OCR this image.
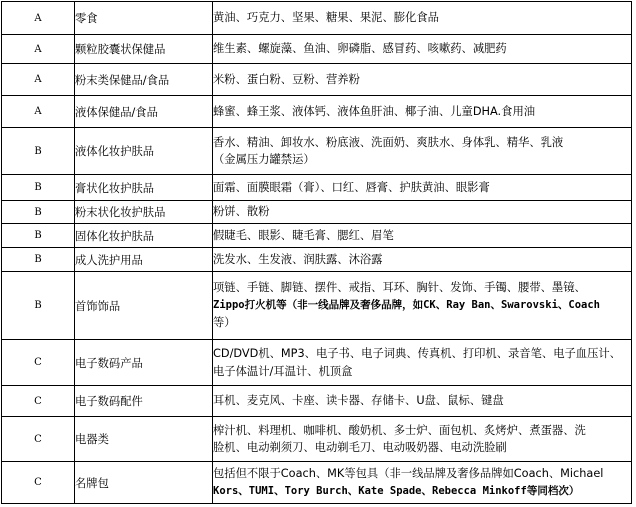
A	零食	黄油、巧克力、坚果、糖果、果泥、膨化食品

A	颗粒胶囊状保健品	维生素、螺旋藻、鱼油、卵磷脂、感冒药、咳嗽药、减肥药

A	粉末类保健品/食品	米粉、蛋白粉、豆粉、营养粉

A	液体保健品/食品	蜂蜜、蜂王浆、液体钙、液体鱼肝油、椰子油、儿童DHA.食用油

B	液体化妆护肤品	香水、精油、卸妆水、粉底液、洗面奶、爽肤水、身体乳、精华、乳液
（金属压力罐禁运）

B	膏状化妆护肤品	面霜、面膜眼霜（膏）、口红、唇膏、护肤黄油、眼影膏

B	粉末状化妆护肤品	粉饼、散粉

B	固体化妆护肤品	假睫毛、眼影、睫毛膏、腮红、眉笔

B	成人洗护用品	洗发水、生发液、润肤露、沐浴露

B	首饰饰品	项链、手链、脚链、摆件、戒指、耳环、胸针、发饰、手镯、腰带、墨镜、
Zippo打火机等（非一线品牌及奢侈品牌，如CK、Ray Ban、Swarovski、Coach
等）

C	电子数码产品	CD/DVD机、MP3、电子书、电子词典、传真机、打印机、录音笔、电子血压计、
电子体温计/耳温计、机顶盒

C	电子数码配件	耳机、麦克风、卡座、读卡器、存储卡、U盘、鼠标、键盘

C	电器类	榨汁机、料理机、咖啡机、酸奶机、多士炉、面包机、炙烤炉、煮蛋器、洗
脸机、电动剃须刀、电动剃毛刀、电动吸奶器、电动洗脸刷

C	名牌包	包括但不限于Coach、MK等包具（非一线品牌及奢侈品牌如Coach、Michael
Kors、TUMI、Tory Burch、Kate Spade、Rebecca Minkoff等同档次）
